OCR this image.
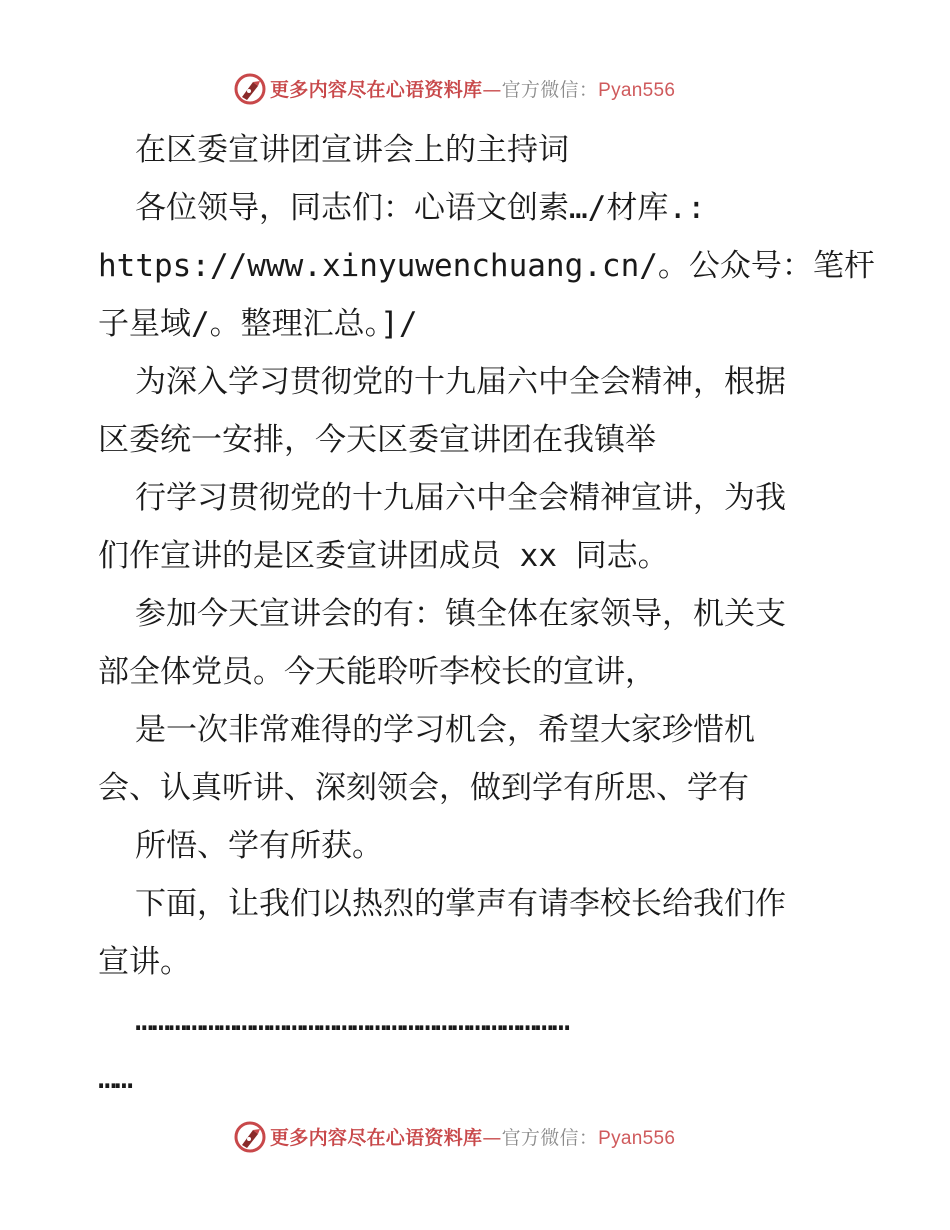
更多内容尽在心语资料库—官方微信：Pyan556
在区委宣讲团宣讲会上的主持词
各位领导，同志们：心语文创素…/材库.:
https://www.xinyuwenchuang.cn/。公众号：笔杆
子星域/。整理汇总。]/
为深入学习贯彻党的十九届六中全会精神，根据
区委统一安排，今天区委宣讲团在我镇举
行学习贯彻党的十九届六中全会精神宣讲，为我
们作宣讲的是区委宣讲团成员 xx 同志。
参加今天宣讲会的有：镇全体在家领导，机关支
部全体党员。今天能聆听李校长的宣讲，
是一次非常难得的学习机会，希望大家珍惜机
会、认真听讲、深刻领会，做到学有所思、学有
所悟、学有所获。
下面，让我们以热烈的掌声有请李校长给我们作
宣讲。
……………………………………………………………………
……
更多内容尽在心语资料库—官方微信：Pyan556
